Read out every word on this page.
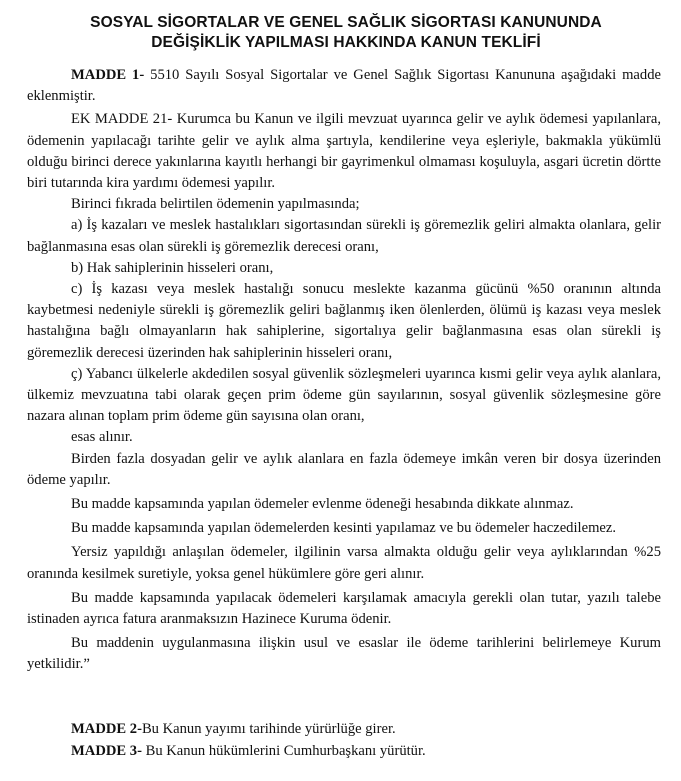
SOSYAL SİGORTALAR VE GENEL SAĞLIK SİGORTASI KANUNUNDA
DEĞİŞİKLİK YAPILMASI HAKKINDA KANUN TEKLİFİ

MADDE 1- 5510 Sayılı Sosyal Sigortalar ve Genel Sağlık Sigortası Kanununa aşağıdaki madde eklenmiştir.

EK MADDE 21- Kurumca bu Kanun ve ilgili mevzuat uyarınca gelir ve aylık ödemesi yapılanlara, ödemenin yapılacağı tarihte gelir ve aylık alma şartıyla, kendilerine veya eşleriyle, bakmakla yükümlü olduğu birinci derece yakınlarına kayıtlı herhangi bir gayrimenkul olmaması koşuluyla, asgari ücretin dörtte biri tutarında kira yardımı ödemesi yapılır.

Birinci fıkrada belirtilen ödemenin yapılmasında;

a) İş kazaları ve meslek hastalıkları sigortasından sürekli iş göremezlik geliri almakta olanlara, gelir bağlanmasına esas olan sürekli iş göremezlik derecesi oranı,

b) Hak sahiplerinin hisseleri oranı,

c) İş kazası veya meslek hastalığı sonucu meslekte kazanma gücünü %50 oranının altında kaybetmesi nedeniyle sürekli iş göremezlik geliri bağlanmış iken ölenlerden, ölümü iş kazası veya meslek hastalığına bağlı olmayanların hak sahiplerine, sigortalıya gelir bağlanmasına esas olan sürekli iş göremezlik derecesi üzerinden hak sahiplerinin hisseleri oranı,

ç) Yabancı ülkelerle akdedilen sosyal güvenlik sözleşmeleri uyarınca kısmi gelir veya aylık alanlara, ülkemiz mevzuatına tabi olarak geçen prim ödeme gün sayılarının, sosyal güvenlik sözleşmesine göre nazara alınan toplam prim ödeme gün sayısına olan oranı,

esas alınır.

Birden fazla dosyadan gelir ve aylık alanlara en fazla ödemeye imkân veren bir dosya üzerinden ödeme yapılır.

Bu madde kapsamında yapılan ödemeler evlenme ödeneği hesabında dikkate alınmaz.

Bu madde kapsamında yapılan ödemelerden kesinti yapılamaz ve bu ödemeler haczedilemez.

Yersiz yapıldığı anlaşılan ödemeler, ilgilinin varsa almakta olduğu gelir veya aylıklarından %25 oranında kesilmek suretiyle, yoksa genel hükümlere göre geri alınır.

Bu madde kapsamında yapılacak ödemeleri karşılamak amacıyla gerekli olan tutar, yazılı talebe istinaden ayrıca fatura aranmaksızın Hazinece Kuruma ödenir.

Bu maddenin uygulanmasına ilişkin usul ve esaslar ile ödeme tarihlerini belirlemeye Kurum yetkilidir.”

MADDE 2-Bu Kanun yayımı tarihinde yürürlüğe girer.

MADDE 3- Bu Kanun hükümlerini Cumhurbaşkanı yürütür.
